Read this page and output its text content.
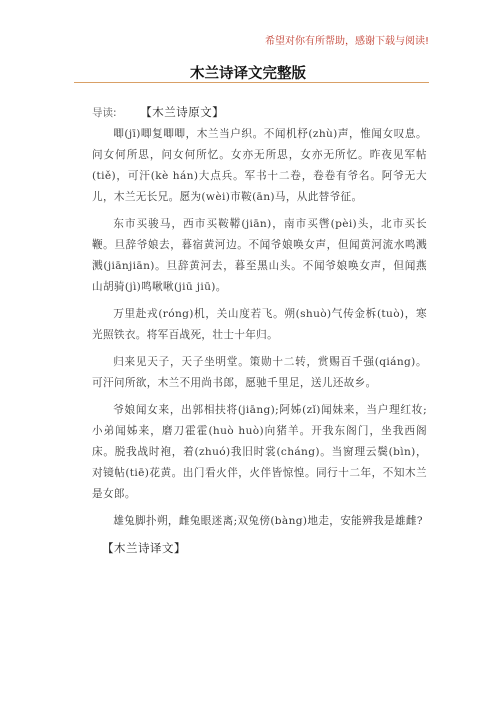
希望对你有所帮助，感谢下载与阅读!
木兰诗译文完整版
导读: 【木兰诗原文】

唧(jī)唧复唧唧，木兰当户织。不闻机杼(zhù)声，惟闻女叹息。问女何所思，问女何所忆。女亦无所思，女亦无所忆。昨夜见军帖(tiě)，可汗(kè hán)大点兵。军书十二卷，卷卷有爷名。阿爷无大儿，木兰无长兄。愿为(wèi)市鞍(ān)马，从此替爷征。

东市买骏马，西市买鞍鞯(jiān)，南市买辔(pèi)头，北市买长鞭。旦辞爷娘去，暮宿黄河边。不闻爷娘唤女声，但闻黄河流水鸣溅溅(jiānjiān)。旦辞黄河去，暮至黑山头。不闻爷娘唤女声，但闻燕山胡骑(jì)鸣啾啾(jiū jiū)。

万里赴戎(róng)机，关山度若飞。朔(shuò)气传金柝(tuò)，寒光照铁衣。将军百战死，壮士十年归。

归来见天子，天子坐明堂。策勋十二转，赏赐百千强(qiáng)。可汗问所欲，木兰不用尚书郎，愿驰千里足，送儿还故乡。

爷娘闻女来，出郭相扶将(jiāng);阿姊(zǐ)闻妹来，当户理红妆;小弟闻姊来，磨刀霍霍(huò huò)向猪羊。开我东阁门，坐我西阁床。脱我战时袍，着(zhuó)我旧时裳(cháng)。当窗理云鬓(bìn)，对镜帖(tiē)花黄。出门看火伴，火伴皆惊惶。同行十二年，不知木兰是女郎。

雄兔脚扑朔，雌兔眼迷离;双兔傍(bàng)地走，安能辨我是雄雌?

【木兰诗译文】
